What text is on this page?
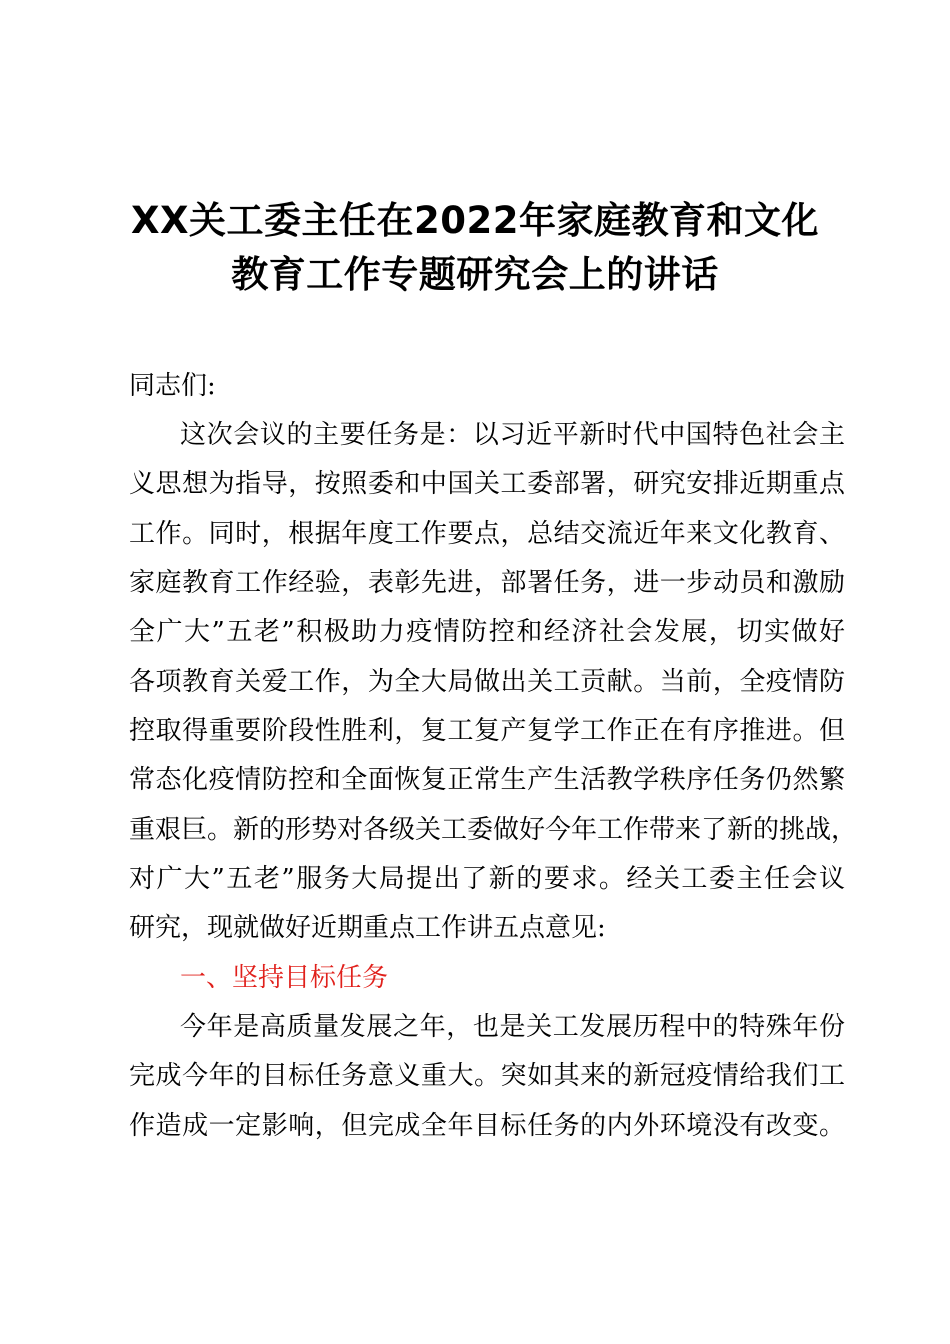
XX关工委主任在2022年家庭教育和文化
教育工作专题研究会上的讲话
同志们:
这次会议的主要任务是：以习近平新时代中国特色社会主
义思想为指导，按照委和中国关工委部署，研究安排近期重点
工作。同时，根据年度工作要点，总结交流近年来文化教育、
家庭教育工作经验，表彰先进，部署任务，进一步动员和激励
全广大”五老”积极助力疫情防控和经济社会发展，切实做好
各项教育关爱工作，为全大局做出关工贡献。当前，全疫情防
控取得重要阶段性胜利，复工复产复学工作正在有序推进。但
常态化疫情防控和全面恢复正常生产生活教学秩序任务仍然繁
重艰巨。新的形势对各级关工委做好今年工作带来了新的挑战，
对广大”五老”服务大局提出了新的要求。经关工委主任会议
研究，现就做好近期重点工作讲五点意见:
一、坚持目标任务
今年是高质量发展之年，也是关工发展历程中的特殊年份
完成今年的目标任务意义重大。突如其来的新冠疫情给我们工
作造成一定影响，但完成全年目标任务的内外环境没有改变。
